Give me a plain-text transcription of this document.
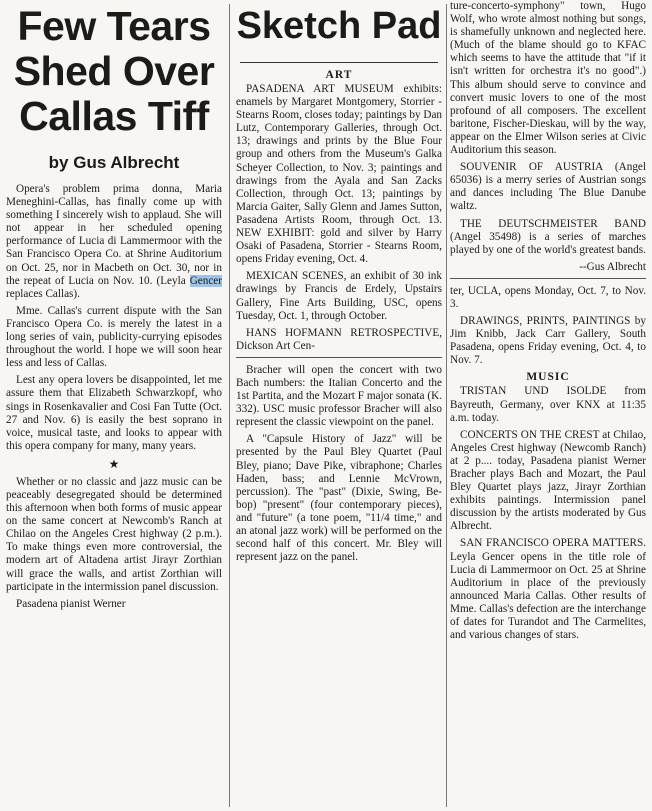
Few Tears
Shed Over
Callas Tiff
by Gus Albrecht

Opera's problem prima donna, Maria Meneghini-Callas, has finally come up with something I sincerely wish to applaud. She will not appear in her scheduled opening performance of Lucia di Lammermoor with the San Francisco Opera Co. at Shrine Auditorium on Oct. 25, nor in Macbeth on Oct. 30, nor in the repeat of Lucia on Nov. 10. (Leyla Gencer replaces Callas).

Mme. Callas's current dispute with the San Francisco Opera Co. is merely the latest in a long series of vain, publicity-currying episodes throughout the world. I hope we will soon hear less and less of Callas.

Lest any opera lovers be disappointed, let me assure them that Elizabeth Schwarzkopf, who sings in Rosenkavalier and Cosi Fan Tutte (Oct. 27 and Nov. 6) is easily the best soprano in voice, musical taste, and looks to appear with this opera company for many, many years.

★

Whether or no classic and jazz music can be peaceably desegregated should be determined this afternoon when both forms of music appear on the same concert at Newcomb's Ranch at Chilao on the Angeles Crest highway (2 p.m.). To make things even more controversial, the modern art of Altadena artist Jirayr Zorthian will grace the walls, and artist Zorthian will participate in the intermission panel discussion.

Pasadena pianist Werner

Sketch Pad
ART

PASADENA ART MUSEUM exhibits: enamels by Margaret Montgomery, Storrier - Stearns Room, closes today; paintings by Dan Lutz, Contemporary Galleries, through Oct. 13; drawings and prints by the Blue Four group and others from the Museum's Galka Scheyer Collection, to Nov. 3; paintings and drawings from the Ayala and San Zacks Collection, through Oct. 13; paintings by Marcia Gaiter, Sally Glenn and James Sutton, Pasadena Artists Room, through Oct. 13. NEW EXHIBIT: gold and silver by Harry Osaki of Pasadena, Storrier - Stearns Room, opens Friday evening, Oct. 4.

MEXICAN SCENES, an exhibit of 30 ink drawings by Francis de Erdely, Upstairs Gallery, Fine Arts Building, USC, opens Tuesday, Oct. 1, through October.

HANS HOFMANN RETROSPECTIVE, Dickson Art Cen-

Bracher will open the concert with two Bach numbers: the Italian Concerto and the 1st Partita, and the Mozart F major sonata (K. 332). USC music professor Bracher will also represent the classic viewpoint on the panel.

A "Capsule History of Jazz" will be presented by the Paul Bley Quartet (Paul Bley, piano; Dave Pike, vibraphone; Charles Haden, bass; and Lennie McVrown, percussion). The "past" (Dixie, Swing, Be-bop) "present" (four contemporary pieces), and "future" (a tone poem, "11/4 time," and an atonal jazz work) will be performed on the second half of this concert. Mr. Bley will represent jazz on the panel.

ture-concerto-symphony" town, Hugo Wolf, who wrote almost nothing but songs, is shamefully unknown and neglected here. (Much of the blame should go to KFAC which seems to have the attitude that "if it isn't written for orchestra it's no good".) This album should serve to convince and convert music lovers to one of the most profound of all composers. The excellent baritone, Fischer-Dieskau, will by the way, appear on the Elmer Wilson series at Civic Auditorium this season.

SOUVENIR OF AUSTRIA (Angel 65036) is a merry series of Austrian songs and dances including The Blue Danube waltz.

THE DEUTSCHMEISTER BAND (Angel 35498) is a series of marches played by one of the world's greatest bands.

--Gus Albrecht

ter, UCLA, opens Monday, Oct. 7, to Nov. 3.

DRAWINGS, PRINTS, PAINTINGS by Jim Knibb, Jack Carr Gallery, South Pasadena, opens Friday evening, Oct. 4, to Nov. 7.

MUSIC

TRISTAN UND ISOLDE from Bayreuth, Germany, over KNX at 11:35 a.m. today.

CONCERTS ON THE CREST at Chilao, Angeles Crest highway (Newcomb Ranch) at 2 p.... today, Pasadena pianist Werner Bracher plays Bach and Mozart, the Paul Bley Quartet plays jazz, Jirayr Zorthian exhibits paintings. Intermission panel discussion by the artists moderated by Gus Albrecht.

SAN FRANCISCO OPERA MATTERS. Leyla Gencer opens in the title role of Lucia di Lammermoor on Oct. 25 at Shrine Auditorium in place of the previously announced Maria Callas. Other results of Mme. Callas's defection are the interchange of dates for Turandot and The Carmelites, and various changes of stars.
